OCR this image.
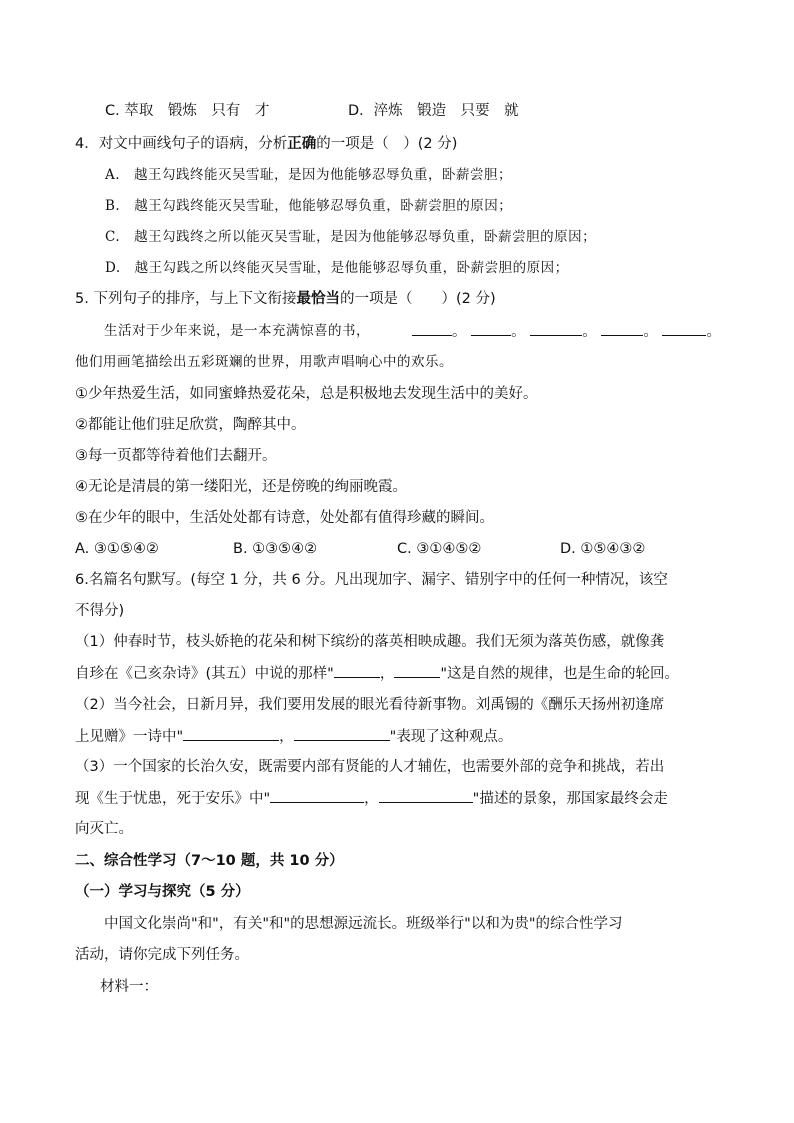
C. 萃取　锻炼　只有　才	D．淬炼　锻造　只要　就
4．对文中画线句子的语病，分析正确的一项是（　）(2 分)
A.　越王勾践终能灭吴雪耻，是因为他能够忍辱负重，卧薪尝胆；
B.　越王勾践终能灭吴雪耻，他能够忍辱负重，卧薪尝胆的原因；
C.　越王勾践终之所以能灭吴雪耻，是因为他能够忍辱负重，卧薪尝胆的原因；
D.　越王勾践之所以终能灭吴雪耻，是他能够忍辱负重，卧薪尝胆的原因；
5. 下列句子的排序，与上下文衔接最恰当的一项是（　　）(2 分)
生活对于少年来说，是一本充满惊喜的书，	。	。	。	。	。
他们用画笔描绘出五彩斑斓的世界，用歌声唱响心中的欢乐。
①少年热爱生活，如同蜜蜂热爱花朵，总是积极地去发现生活中的美好。
②都能让他们驻足欣赏，陶醉其中。
③每一页都等待着他们去翻开。
④无论是清晨的第一缕阳光，还是傍晚的绚丽晚霞。
⑤在少年的眼中，生活处处都有诗意，处处都有值得珍藏的瞬间。
A. ③①⑤④②	B. ①③⑤④②	C. ③①④⑤②	D. ①⑤④③②
6.名篇名句默写。(每空 1 分，共 6 分。凡出现加字、漏字、错别字中的任何一种情况，该空
不得分)
（1）仲春时节，枝头娇艳的花朵和树下缤纷的落英相映成趣。我们无须为落英伤感，就像龚
自珍在《己亥杂诗》(其五）中说的那样"	，	"这是自然的规律，也是生命的轮回。
（2）当今社会，日新月异，我们要用发展的眼光看待新事物。刘禹锡的《酬乐天扬州初逢席
上见赠》一诗中"	，	"表现了这种观点。
（3）一个国家的长治久安，既需要内部有贤能的人才辅佐，也需要外部的竞争和挑战，若出
现《生于忧患，死于安乐》中"	，	"描述的景象，那国家最终会走
向灭亡。
二、综合性学习（7～10 题，共 10 分）
（一）学习与探究（5 分）
中国文化崇尚"和"，有关"和"的思想源远流长。班级举行"以和为贵"的综合性学习
活动，请你完成下列任务。
材料一：
